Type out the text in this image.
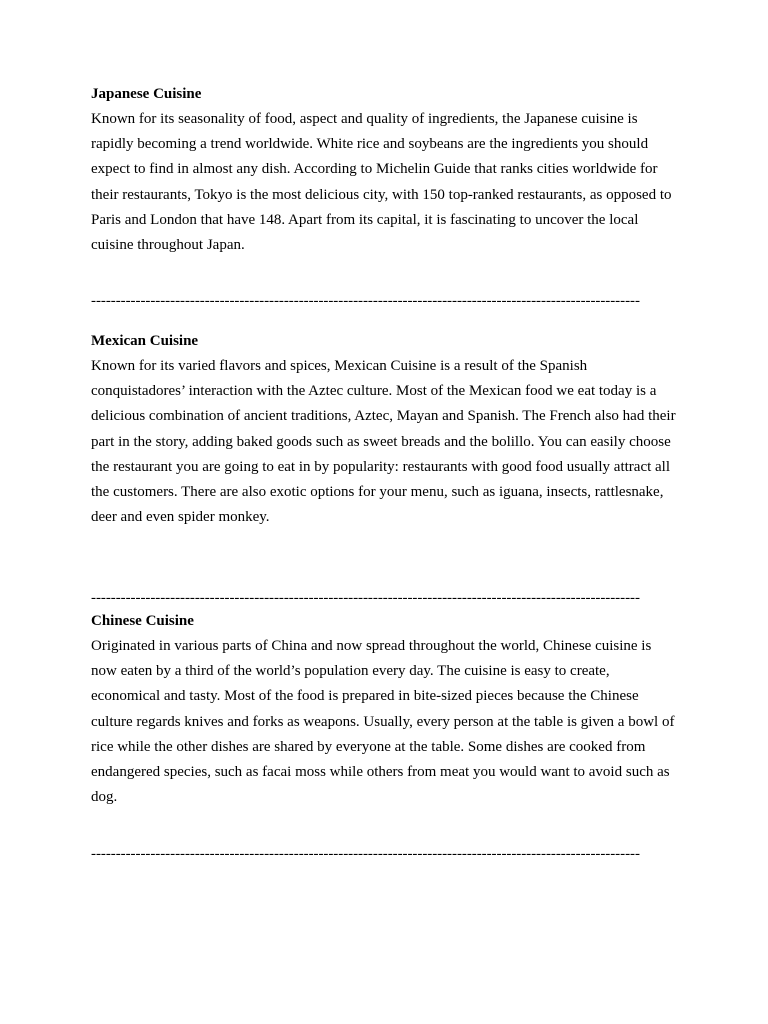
Japanese Cuisine

Known for its seasonality of food, aspect and quality of ingredients, the Japanese cuisine is rapidly becoming a trend worldwide. White rice and soybeans are the ingredients you should expect to find in almost any dish. According to Michelin Guide that ranks cities worldwide for their restaurants, Tokyo is the most delicious city, with 150 top-ranked restaurants, as opposed to Paris and London that have 148. Apart from its capital, it is fascinating to uncover the local cuisine throughout Japan.

---------------------------------------------------------------------------------------------------------------

Mexican Cuisine

Known for its varied flavors and spices, Mexican Cuisine is a result of the Spanish conquistadores’ interaction with the Aztec culture. Most of the Mexican food we eat today is a delicious combination of ancient traditions, Aztec, Mayan and Spanish. The French also had their part in the story, adding baked goods such as sweet breads and the bolillo. You can easily choose the restaurant you are going to eat in by popularity: restaurants with good food usually attract all the customers. There are also exotic options for your menu, such as iguana, insects, rattlesnake, deer and even spider monkey.

---------------------------------------------------------------------------------------------------------------

Chinese Cuisine

Originated in various parts of China and now spread throughout the world, Chinese cuisine is now eaten by a third of the world’s population every day. The cuisine is easy to create, economical and tasty. Most of the food is prepared in bite-sized pieces because the Chinese culture regards knives and forks as weapons. Usually, every person at the table is given a bowl of rice while the other dishes are shared by everyone at the table. Some dishes are cooked from endangered species, such as facai moss while others from meat you would want to avoid such as dog.

---------------------------------------------------------------------------------------------------------------
